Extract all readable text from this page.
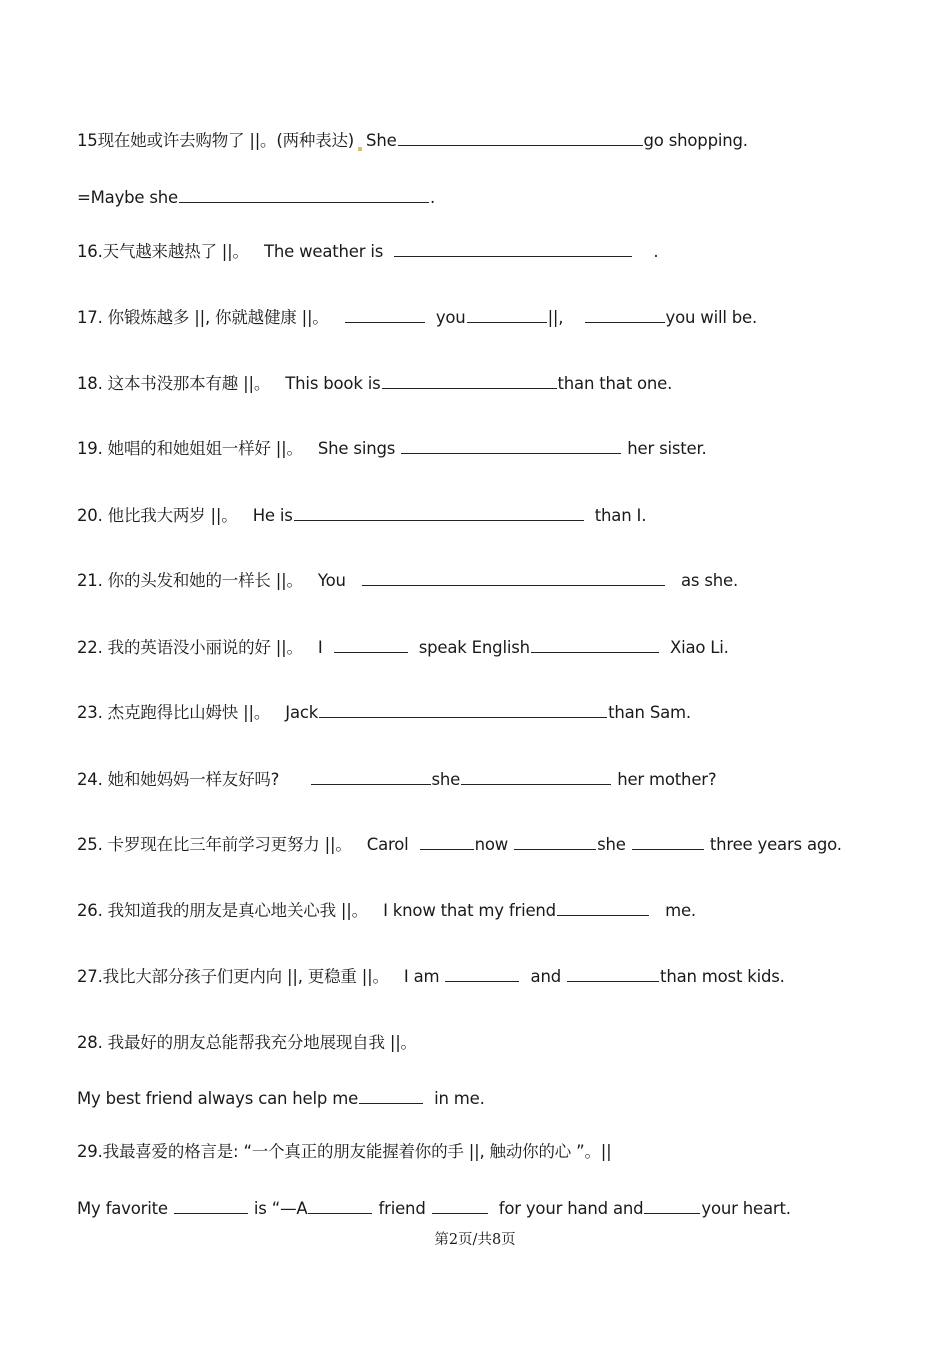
15现在她或许去购物了 ||。(两种表达) She	go shopping.
=Maybe she	.
16.天气越来越热了 ||。 The weather is	.
17. 你锻炼越多 ||, 你就越健康 ||。	you	||,	you will be.
18. 这本书没那本有趣 ||。 This book is	than that one.
19. 她唱的和她姐姐一样好 ||。 She sings	her sister.
20. 他比我大两岁 ||。 He is	than I.
21. 你的头发和她的一样长 ||。 You	as she.
22. 我的英语没小丽说的好 ||。 I	speak English	Xiao Li.
23. 杰克跑得比山姆快 ||。 Jack	than Sam.
24. 她和她妈妈一样友好吗?	she	her mother?
25. 卡罗现在比三年前学习更努力 ||。 Carol	now	she	three years ago.
26. 我知道我的朋友是真心地关心我 ||。 I know that my friend	me.
27.我比大部分孩子们更内向 ||, 更稳重 ||。 I am	and	than most kids.
28. 我最好的朋友总能帮我充分地展现自我 ||。
My best friend always can help me	in me.
29.我最喜爱的格言是: “一个真正的朋友能握着你的手 ||, 触动你的心 ”。||
My favorite	is “—A	friend	for your hand and	your heart.
第2页/共8页
